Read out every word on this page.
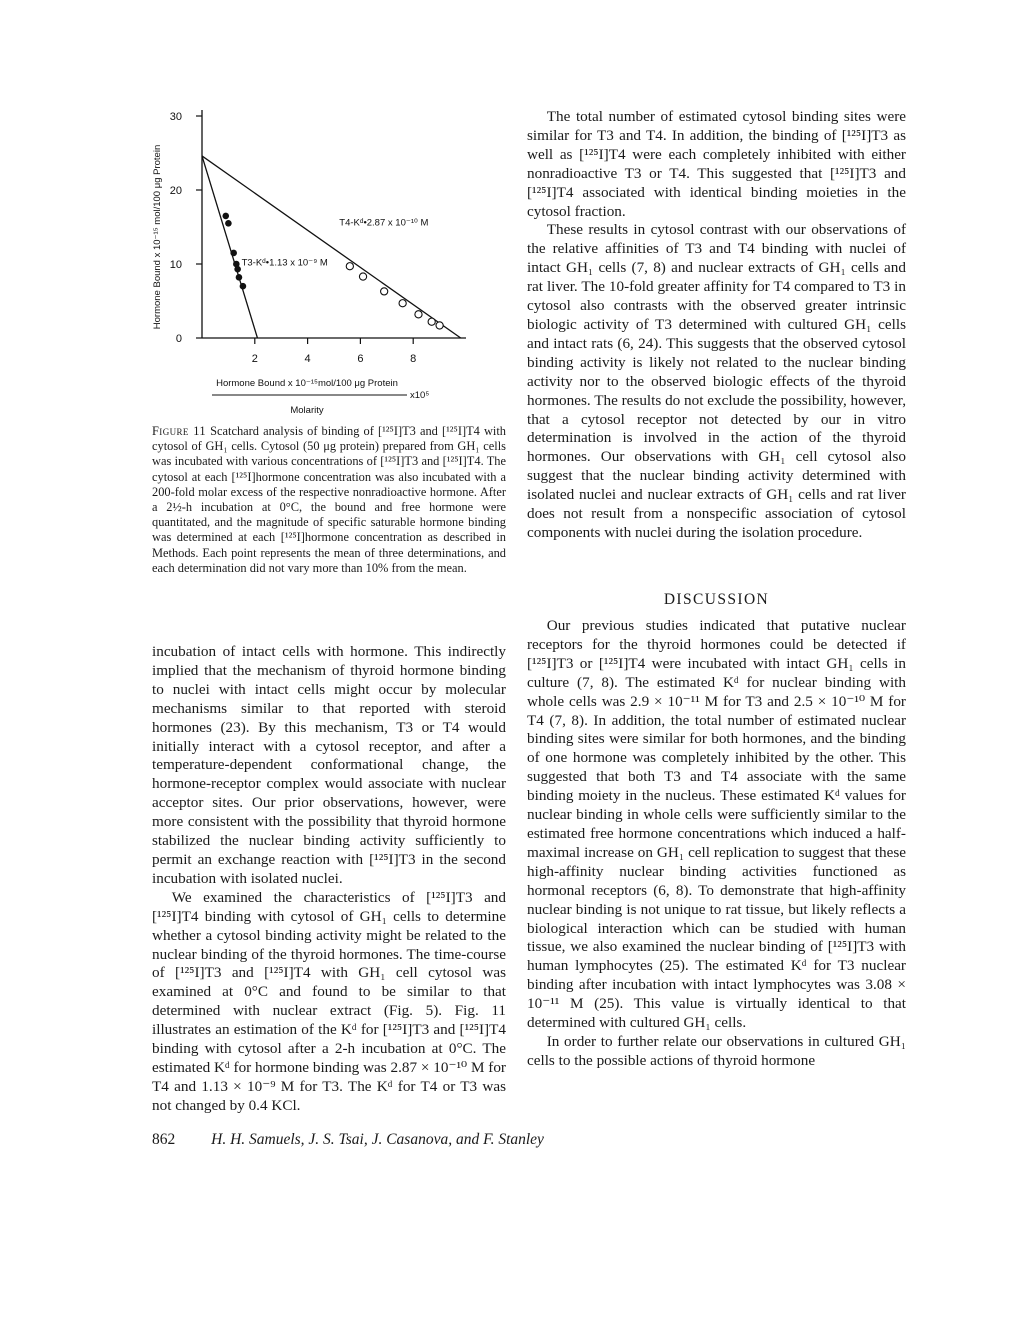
0
10
20
30
2	4	6	8
Hormone Bound x 10⁻¹⁵ mol/100 μg Protein
Hormone Bound x 10⁻¹⁵mol/100 μg Protein
x10⁵
Molarity
T4-Kᵈ•2.87 x 10⁻¹⁰ M
T3-Kᵈ•1.13 x 10⁻⁹ M
Figure 11 Scatchard analysis of binding of [¹²⁵I]T3 and [¹²⁵I]T4 with cytosol of GH₁ cells. Cytosol (50 μg protein) prepared from GH₁ cells was incubated with various concentrations of [¹²⁵I]T3 and [¹²⁵I]T4. The cytosol at each [¹²⁵I]hormone concentration was also incubated with a 200-fold molar excess of the respective nonradioactive hormone. After a 2½-h incubation at 0°C, the bound and free hormone were quantitated, and the magnitude of specific saturable hormone binding was determined at each [¹²⁵I]hormone concentration as described in Methods. Each point represents the mean of three determinations, and each determination did not vary more than 10% from the mean.

incubation of intact cells with hormone. This indirectly implied that the mechanism of thyroid hormone binding to nuclei with intact cells might occur by molecular mechanisms similar to that reported with steroid hormones (23). By this mechanism, T3 or T4 would initially interact with a cytosol receptor, and after a temperature-dependent conformational change, the hormone-receptor complex would associate with nuclear acceptor sites. Our prior observations, however, were more consistent with the possibility that thyroid hormone stabilized the nuclear binding activity sufficiently to permit an exchange reaction with [¹²⁵I]T3 in the second incubation with isolated nuclei.

We examined the characteristics of [¹²⁵I]T3 and [¹²⁵I]T4 binding with cytosol of GH₁ cells to determine whether a cytosol binding activity might be related to the nuclear binding of the thyroid hormones. The time-course of [¹²⁵I]T3 and [¹²⁵I]T4 with GH₁ cell cytosol was examined at 0°C and found to be similar to that determined with nuclear extract (Fig. 5). Fig. 11 illustrates an estimation of the Kᵈ for [¹²⁵I]T3 and [¹²⁵I]T4 binding with cytosol after a 2-h incubation at 0°C. The estimated Kᵈ for hormone binding was 2.87 × 10⁻¹⁰ M for T4 and 1.13 × 10⁻⁹ M for T3. The Kᵈ for T4 or T3 was not changed by 0.4 KCl.

The total number of estimated cytosol binding sites were similar for T3 and T4. In addition, the binding of [¹²⁵I]T3 as well as [¹²⁵I]T4 were each completely inhibited with either nonradioactive T3 or T4. This suggested that [¹²⁵I]T3 and [¹²⁵I]T4 associated with identical binding moieties in the cytosol fraction.

These results in cytosol contrast with our observations of the relative affinities of T3 and T4 binding with nuclei of intact GH₁ cells (7, 8) and nuclear extracts of GH₁ cells and rat liver. The 10-fold greater affinity for T4 compared to T3 in cytosol also contrasts with the observed greater intrinsic biologic activity of T3 determined with cultured GH₁ cells and intact rats (6, 24). This suggests that the observed cytosol binding activity is likely not related to the nuclear binding activity nor to the observed biologic effects of the thyroid hormones. The results do not exclude the possibility, however, that a cytosol receptor not detected by our in vitro determination is involved in the action of the thyroid hormones. Our observations with GH₁ cell cytosol also suggest that the nuclear binding activity determined with isolated nuclei and nuclear extracts of GH₁ cells and rat liver does not result from a nonspecific association of cytosol components with nuclei during the isolation procedure.

DISCUSSION

Our previous studies indicated that putative nuclear receptors for the thyroid hormones could be detected if [¹²⁵I]T3 or [¹²⁵I]T4 were incubated with intact GH₁ cells in culture (7, 8). The estimated Kᵈ for nuclear binding with whole cells was 2.9 × 10⁻¹¹ M for T3 and 2.5 × 10⁻¹⁰ M for T4 (7, 8). In addition, the total number of estimated nuclear binding sites were similar for both hormones, and the binding of one hormone was completely inhibited by the other. This suggested that both T3 and T4 associate with the same binding moiety in the nucleus. These estimated Kᵈ values for nuclear binding in whole cells were sufficiently similar to the estimated free hormone concentrations which induced a half-maximal increase on GH₁ cell replication to suggest that these high-affinity nuclear binding activities functioned as hormonal receptors (6, 8). To demonstrate that high-affinity nuclear binding is not unique to rat tissue, but likely reflects a biological interaction which can be studied with human tissue, we also examined the nuclear binding of [¹²⁵I]T3 with human lymphocytes (25). The estimated Kᵈ for T3 nuclear binding after incubation with intact lymphocytes was 3.08 × 10⁻¹¹ M (25). This value is virtually identical to that determined with cultured GH₁ cells.

In order to further relate our observations in cultured GH₁ cells to the possible actions of thyroid hormone

862 H. H. Samuels, J. S. Tsai, J. Casanova, and F. Stanley
